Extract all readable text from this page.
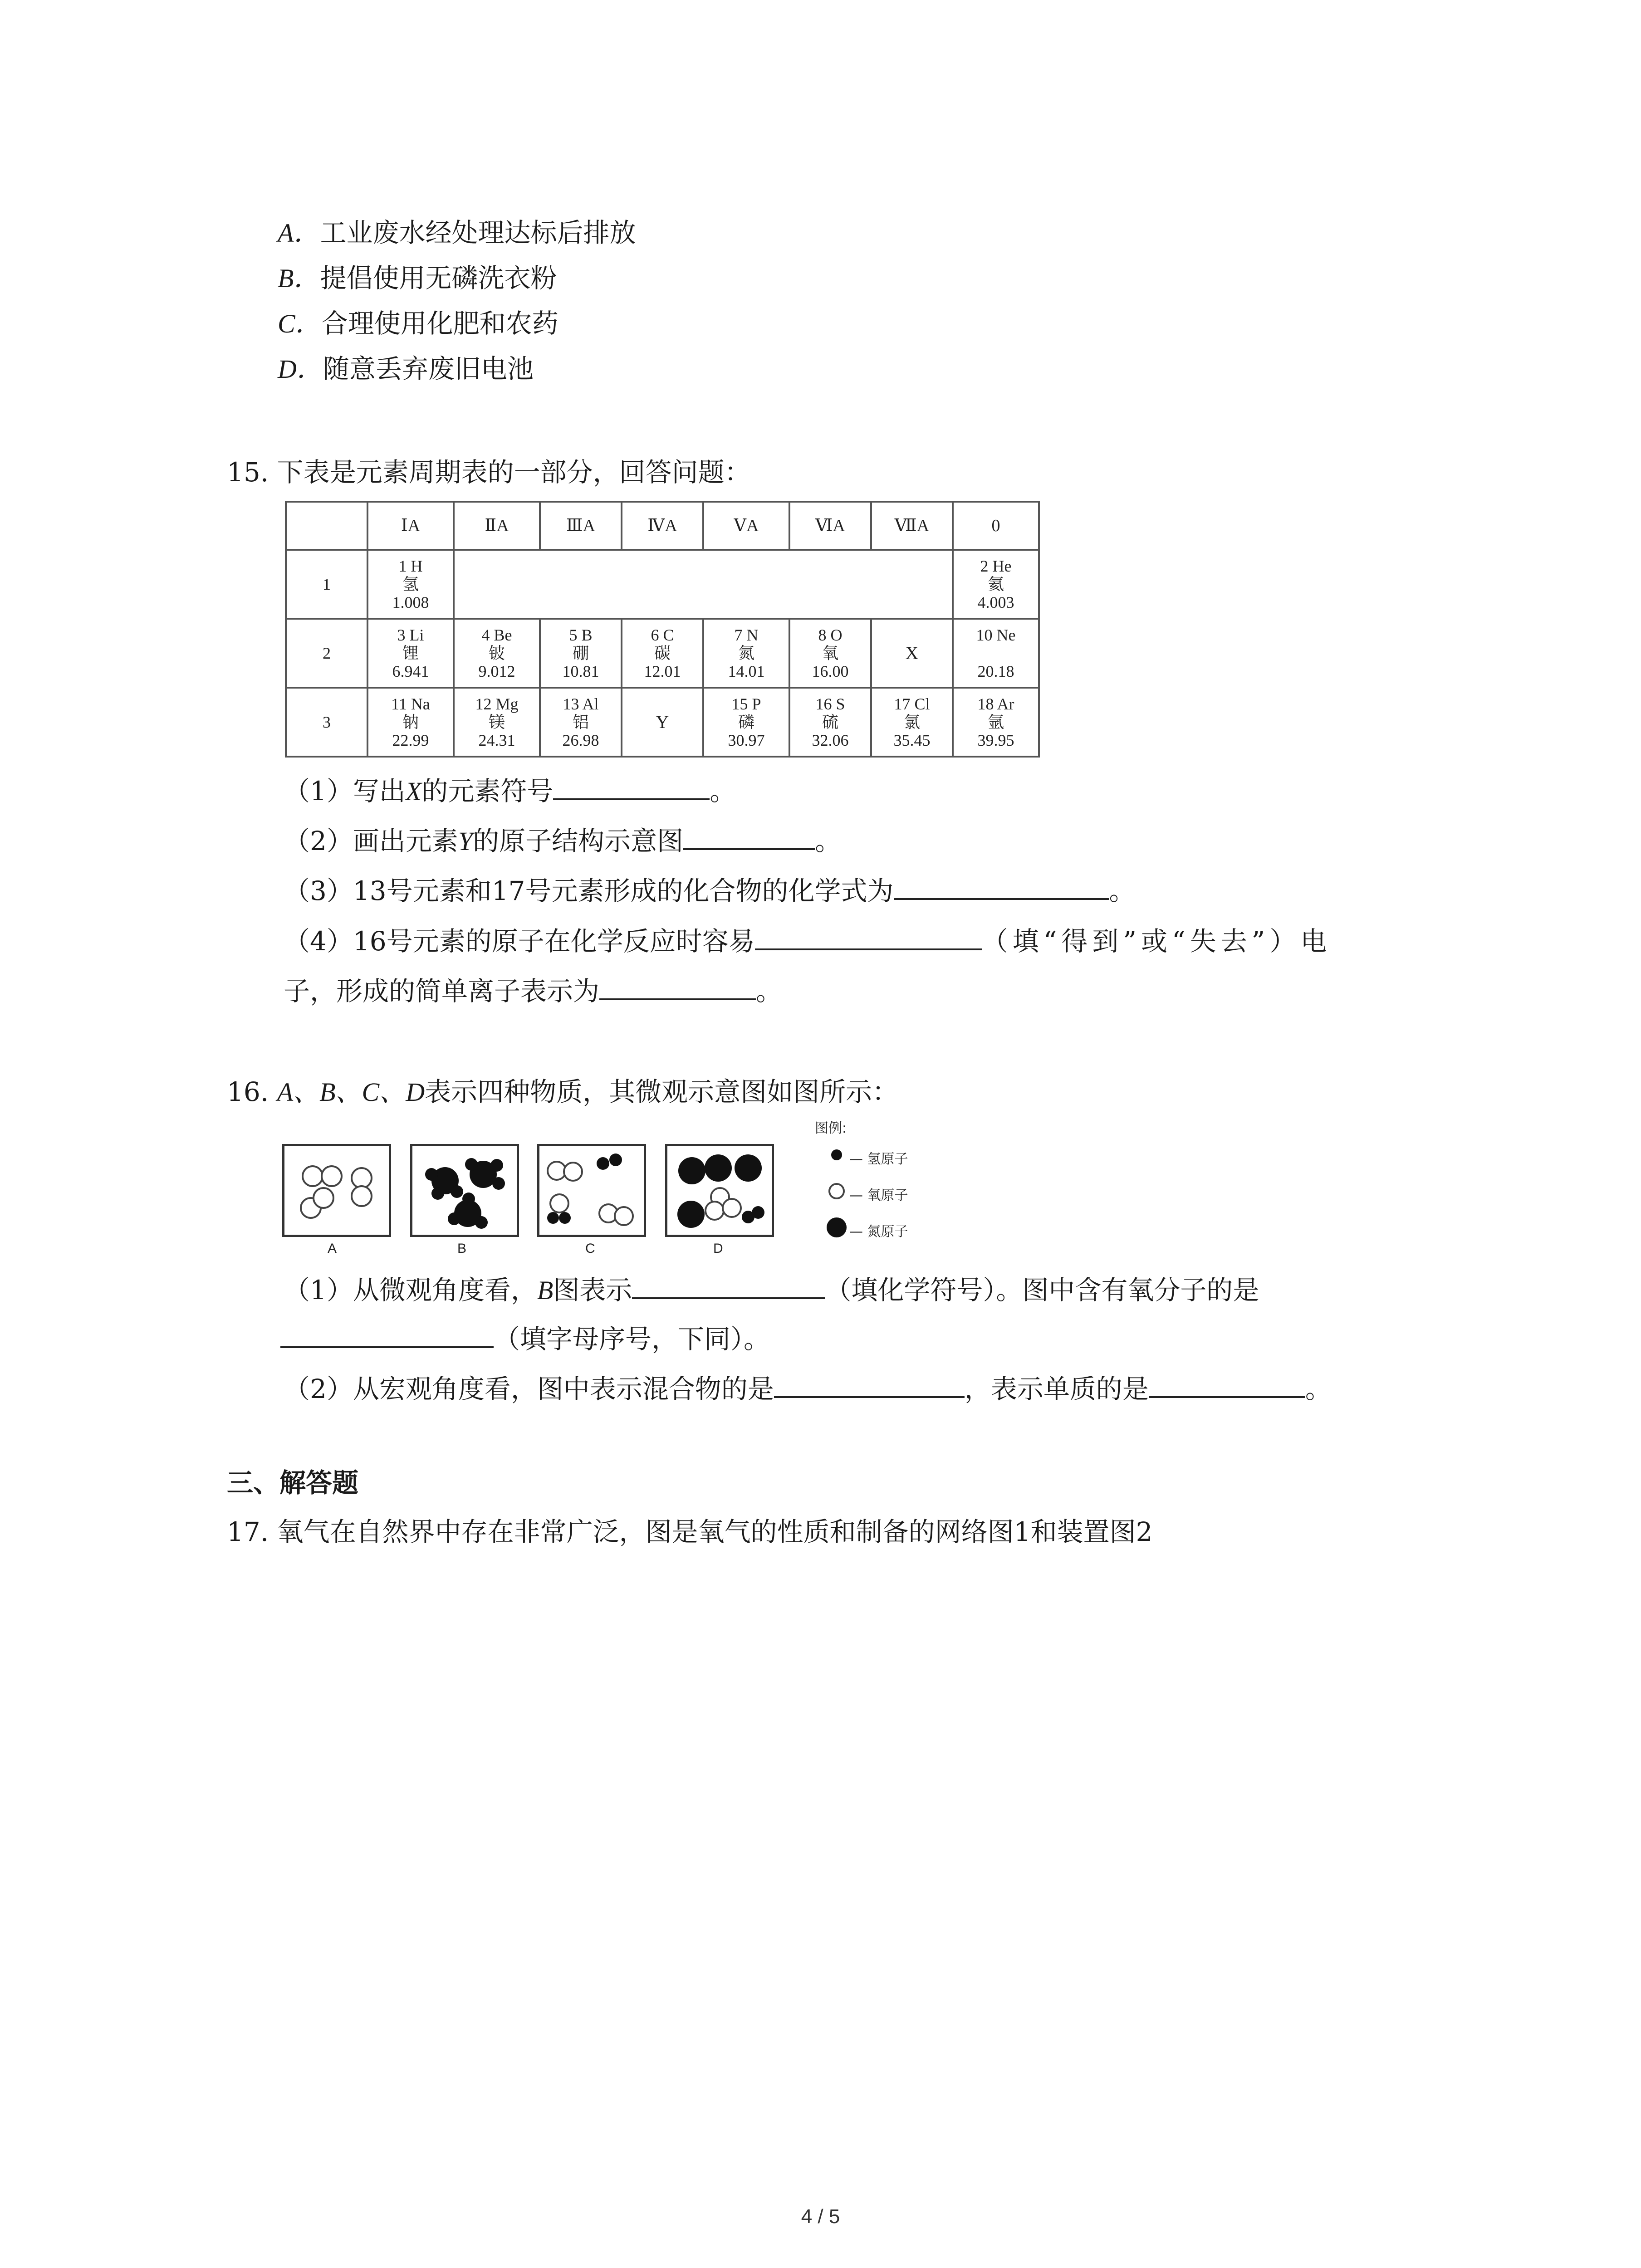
A．工业废水经处理达标后排放
B．提倡使用无磷洗衣粉
C．合理使用化肥和农药
D．随意丢弃废旧电池
15. 下表是元素周期表的一部分，回答问题：
	ⅠA	ⅡA	ⅢA	ⅣA	ⅤA	ⅥA	ⅦA	0
1	1 H
氢
1.008							2 He
氦
4.003

2	3 Li
锂
6.941	4 Be
铍
9.012	5 B
硼
10.81	6 C
碳
12.01	7 N
氮
14.01	8 O
氧
16.00	X	10 Ne
20.18

3	11 Na
钠
22.99	12 Mg
镁
24.31	13 Al
铝
26.98	Y	15 P
磷
30.97	16 S
硫
32.06	17 Cl
氯
35.45	18 Ar
氩
39.95
（1）写出X的元素符号	。
（2）画出元素Y的原子结构示意图	。
（3）13号元素和17号元素形成的化合物的化学式为	。
（4）16号元素的原子在化学反应时容易	（填“得到”或“失去”）电
子，形成的简单离子表示为	。
16. A、B、C、D表示四种物质，其微观示意图如图所示：
A	B	C	D
图例:
— 氢原子
— 氧原子
— 氮原子
（1）从微观角度看，B图表示	（填化学符号）。图中含有氧分子的是
（填字母序号，下同）。
（2）从宏观角度看，图中表示混合物的是	，表示单质的是	。
三、解答题
17. 氧气在自然界中存在非常广泛，图是氧气的性质和制备的网络图1和装置图2
4 / 5
